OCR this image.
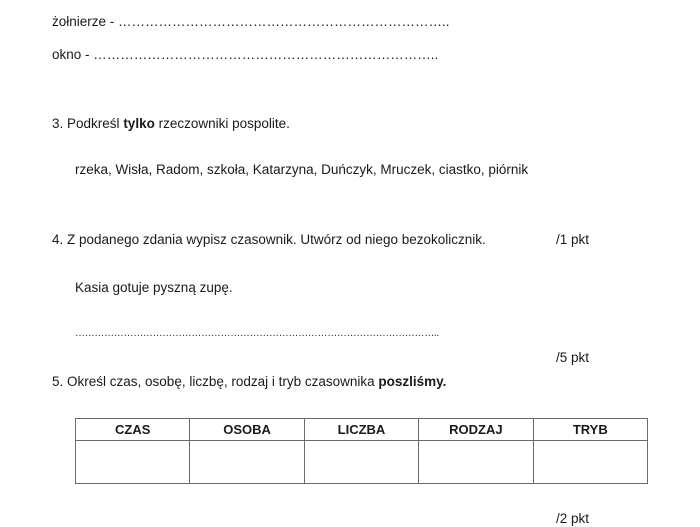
żołnierze - ………………………………………………………………..
okno - …………………………………………………………………..
3. Podkreśl tylko rzeczowniki pospolite.
rzeka, Wisła, Radom, szkoła, Katarzyna, Duńczyk, Mruczek, ciastko, piórnik
4. Z podanego zdania wypisz czasownik. Utwórz od niego bezokolicznik.	/1 pkt
Kasia gotuje pyszną zupę.
…………………………………………………………………………………………………..
/5 pkt
5. Określ czas, osobę, liczbę, rodzaj i tryb czasownika poszliśmy.
CZAS	OSOBA	LICZBA	RODZAJ	TRYB

/2 pkt
